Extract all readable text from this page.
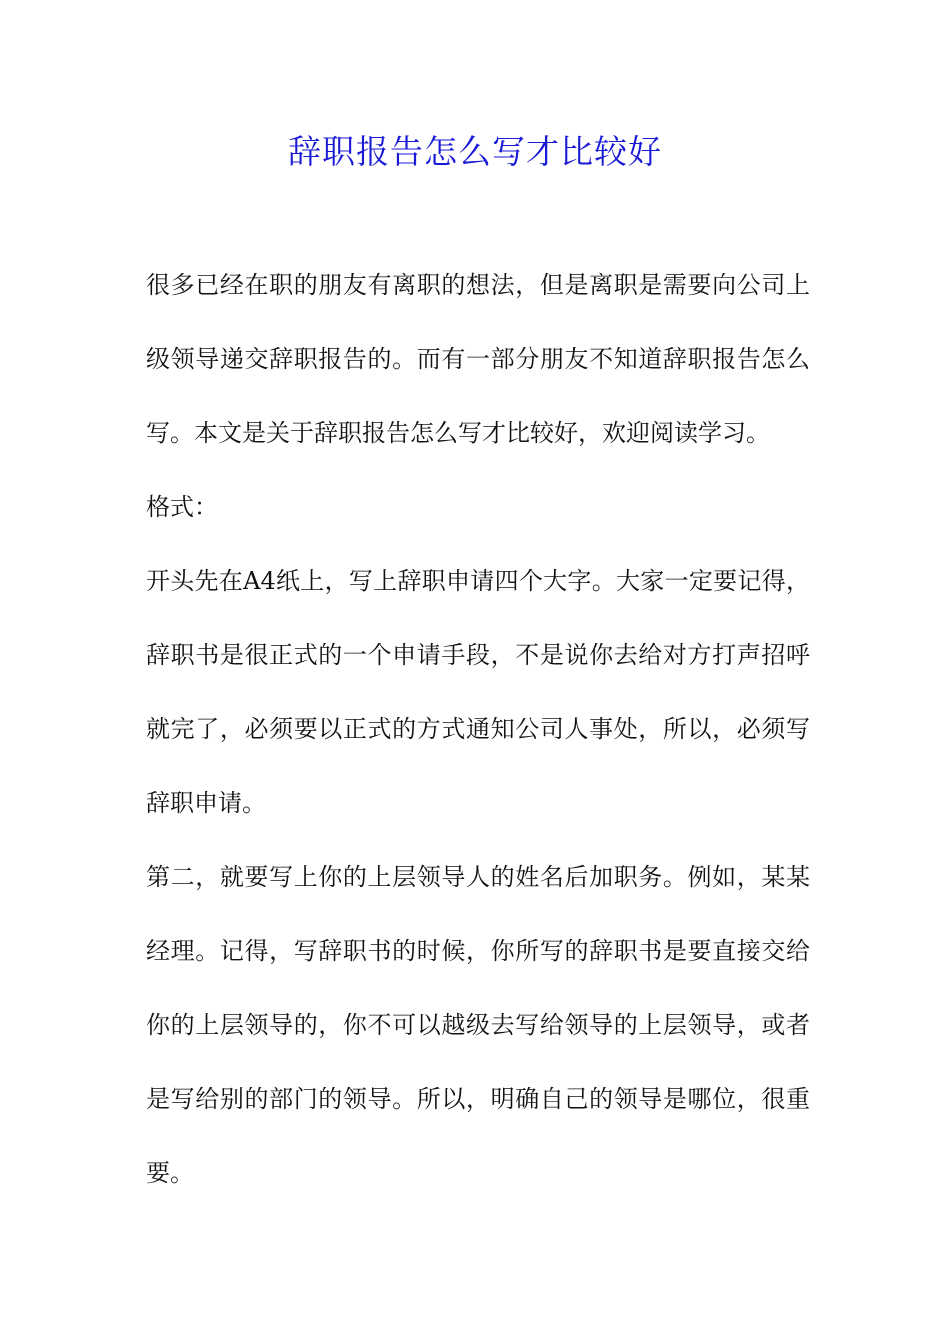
辞职报告怎么写才比较好

很多已经在职的朋友有离职的想法，但是离职是需要向公司上级领导递交辞职报告的。而有一部分朋友不知道辞职报告怎么写。本文是关于辞职报告怎么写才比较好，欢迎阅读学习。

格式：

开头先在A4纸上，写上辞职申请四个大字。大家一定要记得，辞职书是很正式的一个申请手段，不是说你去给对方打声招呼就完了，必须要以正式的方式通知公司人事处，所以，必须写辞职申请。

第二，就要写上你的上层领导人的姓名后加职务。例如，某某经理。记得，写辞职书的时候，你所写的辞职书是要直接交给你的上层领导的，你不可以越级去写给领导的上层领导，或者是写给别的部门的领导。所以，明确自己的领导是哪位，很重要。
